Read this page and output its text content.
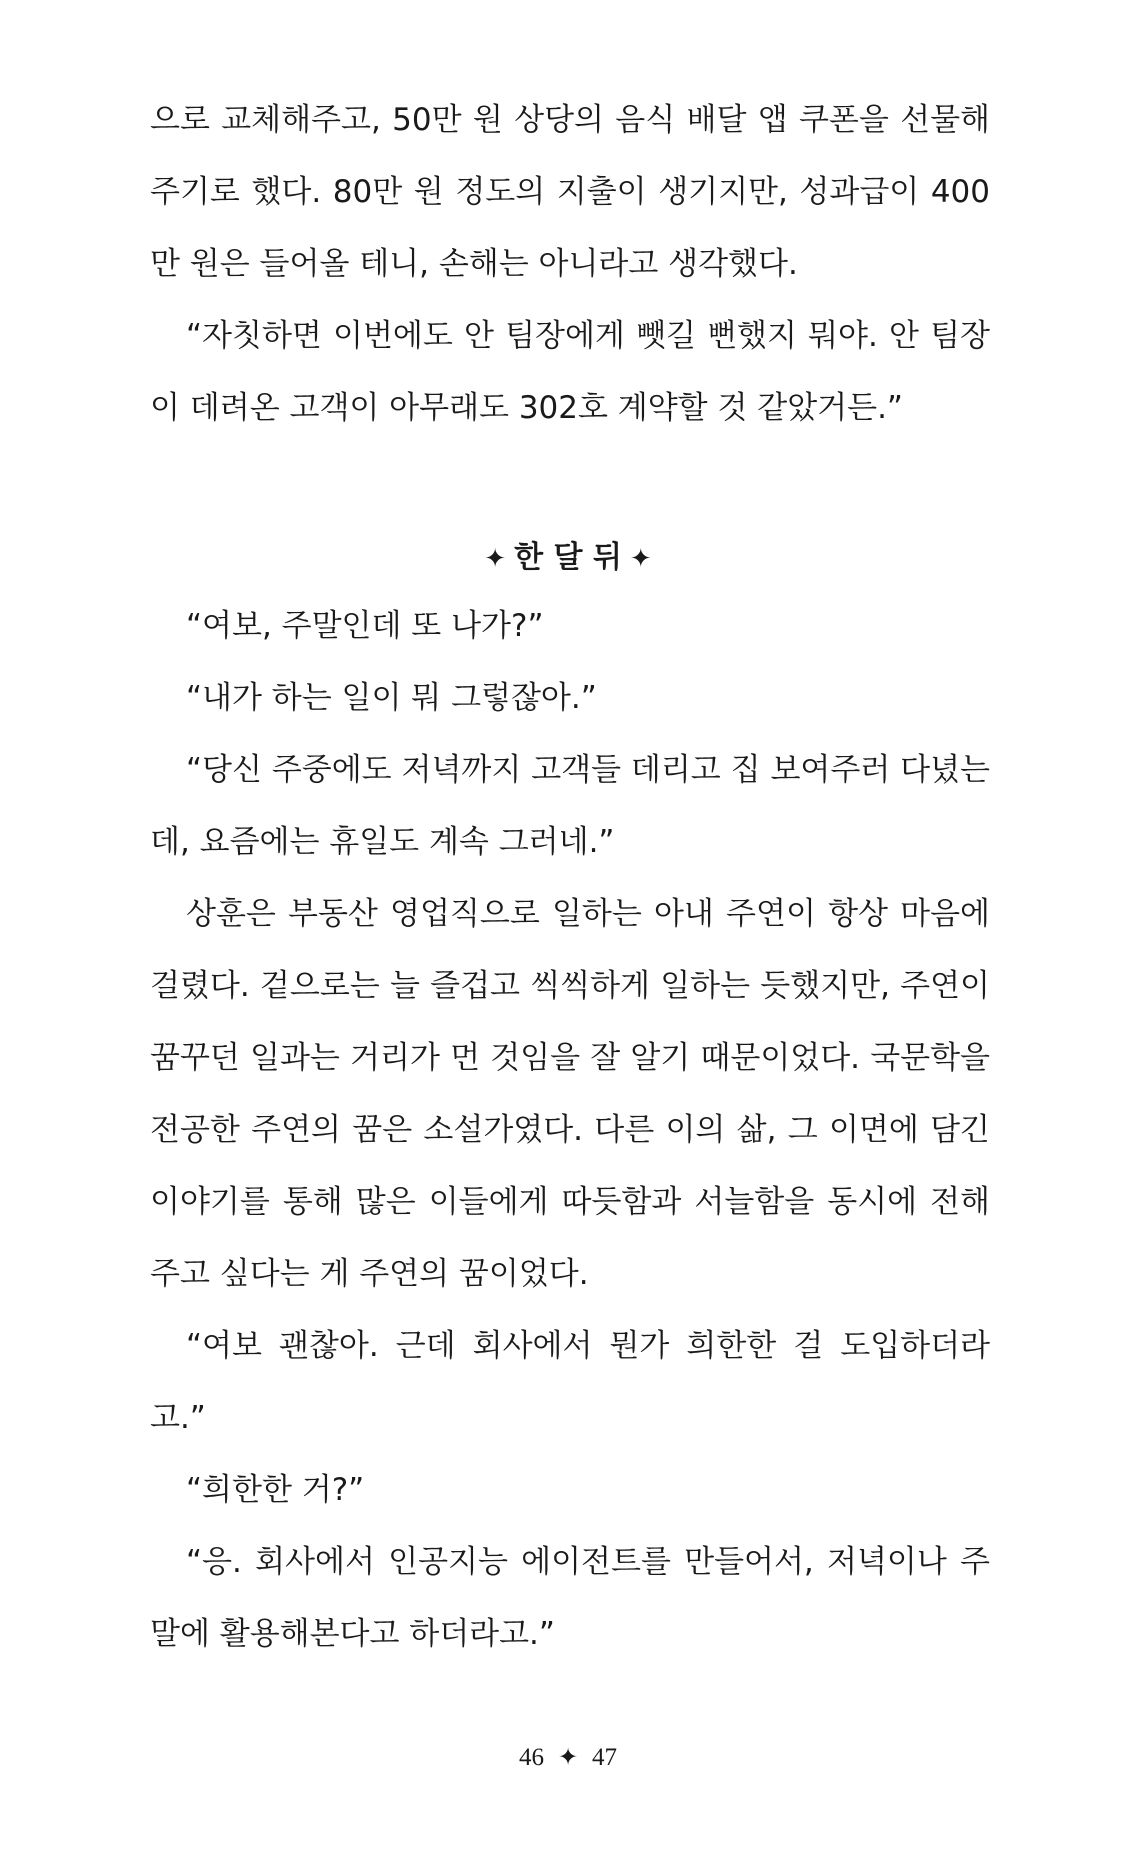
으로 교체해주고, 50만 원 상당의 음식 배달 앱 쿠폰을 선물해주기로 했다. 80만 원 정도의 지출이 생기지만, 성과급이 400만 원은 들어올 테니, 손해는 아니라고 생각했다.

“자칫하면 이번에도 안 팀장에게 뺏길 뻔했지 뭐야. 안 팀장이 데려온 고객이 아무래도 302호 계약할 것 같았거든.”

✦ 한 달 뒤 ✦

“여보, 주말인데 또 나가?”

“내가 하는 일이 뭐 그렇잖아.”

“당신 주중에도 저녁까지 고객들 데리고 집 보여주러 다녔는데, 요즘에는 휴일도 계속 그러네.”

상훈은 부동산 영업직으로 일하는 아내 주연이 항상 마음에 걸렸다. 겉으로는 늘 즐겁고 씩씩하게 일하는 듯했지만, 주연이 꿈꾸던 일과는 거리가 먼 것임을 잘 알기 때문이었다. 국문학을 전공한 주연의 꿈은 소설가였다. 다른 이의 삶, 그 이면에 담긴 이야기를 통해 많은 이들에게 따듯함과 서늘함을 동시에 전해주고 싶다는 게 주연의 꿈이었다.

“여보 괜찮아. 근데 회사에서 뭔가 희한한 걸 도입하더라고.”

“희한한 거?”

“응. 회사에서 인공지능 에이전트를 만들어서, 저녁이나 주말에 활용해본다고 하더라고.”

46 ✦ 47
